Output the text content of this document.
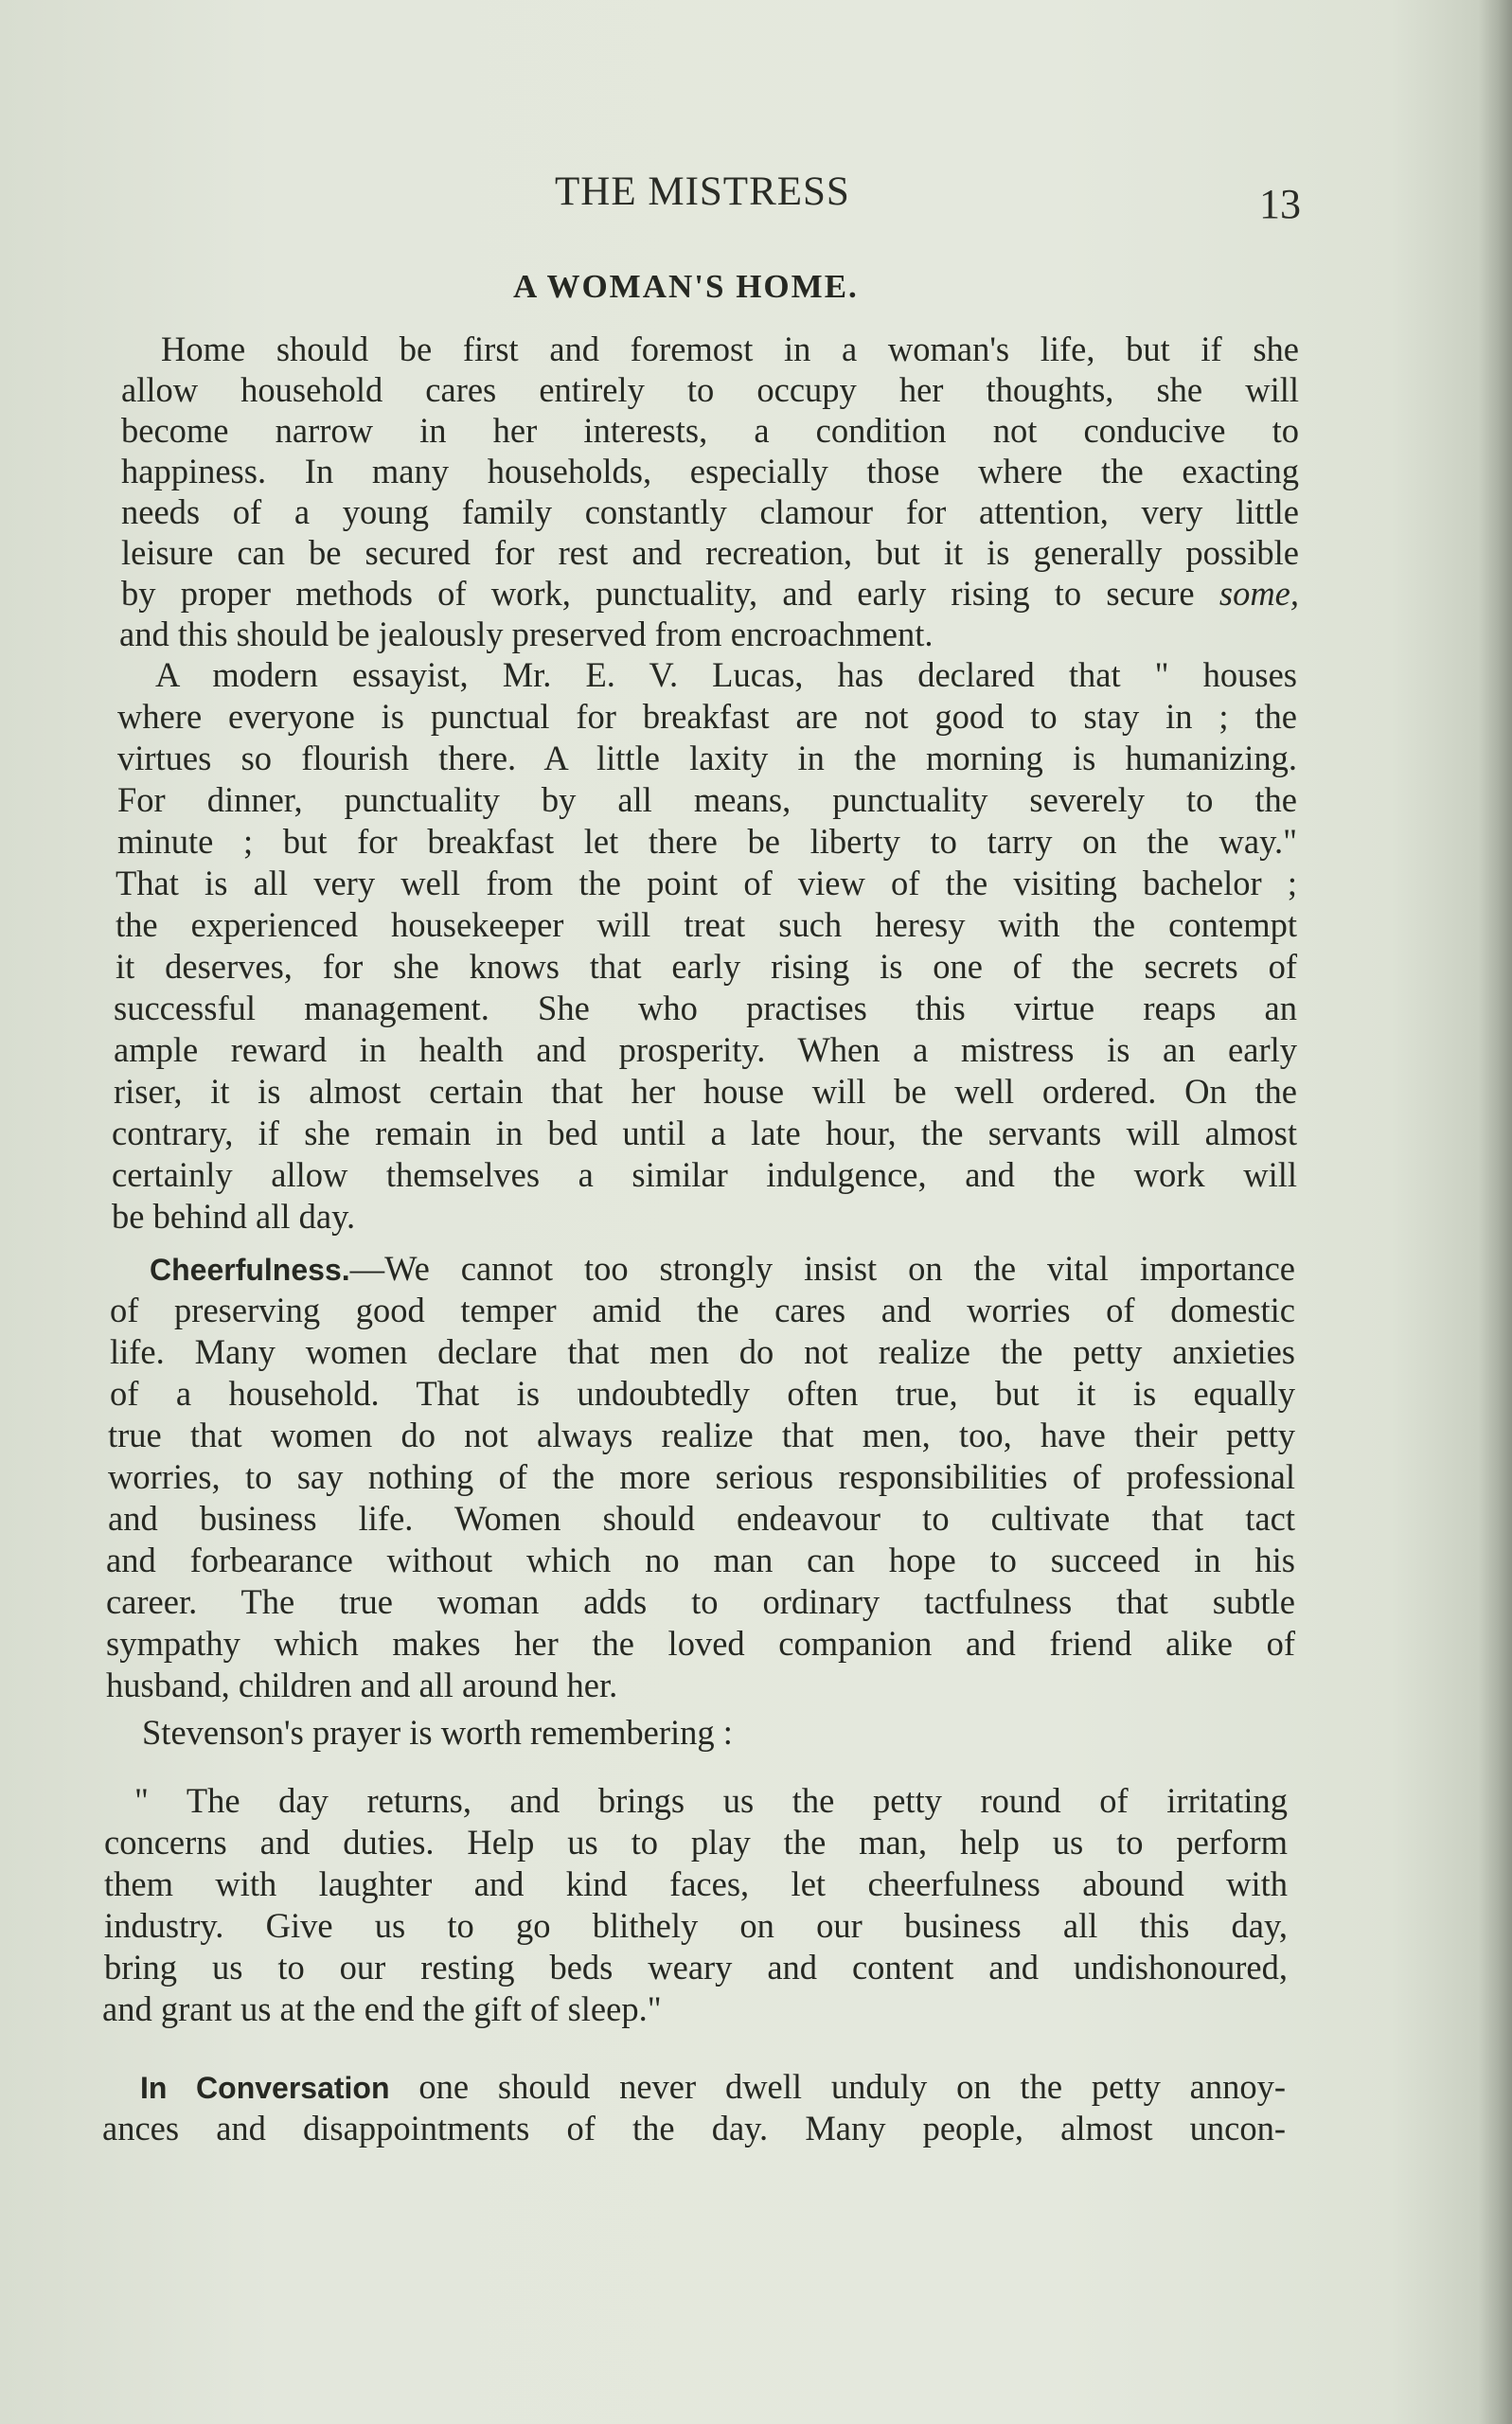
THE MISTRESS	13
A WOMAN'S HOME.
Home should be first and foremost in a woman's life, but if she
allow household cares entirely to occupy her thoughts, she will
become narrow in her interests, a condition not conducive to
happiness. In many households, especially those where the exacting
needs of a young family constantly clamour for attention, very little
leisure can be secured for rest and recreation, but it is generally possible
by proper methods of work, punctuality, and early rising to secure some,
and this should be jealously preserved from encroachment.
A modern essayist, Mr. E. V. Lucas, has declared that " houses
where everyone is punctual for breakfast are not good to stay in ; the
virtues so flourish there. A little laxity in the morning is humanizing.
For dinner, punctuality by all means, punctuality severely to the
minute ; but for breakfast let there be liberty to tarry on the way."
That is all very well from the point of view of the visiting bachelor ;
the experienced housekeeper will treat such heresy with the contempt
it deserves, for she knows that early rising is one of the secrets of
successful management. She who practises this virtue reaps an
ample reward in health and prosperity. When a mistress is an early
riser, it is almost certain that her house will be well ordered. On the
contrary, if she remain in bed until a late hour, the servants will almost
certainly allow themselves a similar indulgence, and the work will
be behind all day.
Cheerfulness.—We cannot too strongly insist on the vital importance
of preserving good temper amid the cares and worries of domestic
life. Many women declare that men do not realize the petty anxieties
of a household. That is undoubtedly often true, but it is equally
true that women do not always realize that men, too, have their petty
worries, to say nothing of the more serious responsibilities of professional
and business life. Women should endeavour to cultivate that tact
and forbearance without which no man can hope to succeed in his
career. The true woman adds to ordinary tactfulness that subtle
sympathy which makes her the loved companion and friend alike of
husband, children and all around her.
Stevenson's prayer is worth remembering :
" The day returns, and brings us the petty round of irritating
concerns and duties. Help us to play the man, help us to perform
them with laughter and kind faces, let cheerfulness abound with
industry. Give us to go blithely on our business all this day,
bring us to our resting beds weary and content and undishonoured,
and grant us at the end the gift of sleep."
In Conversation one should never dwell unduly on the petty annoy-
ances and disappointments of the day. Many people, almost uncon-
